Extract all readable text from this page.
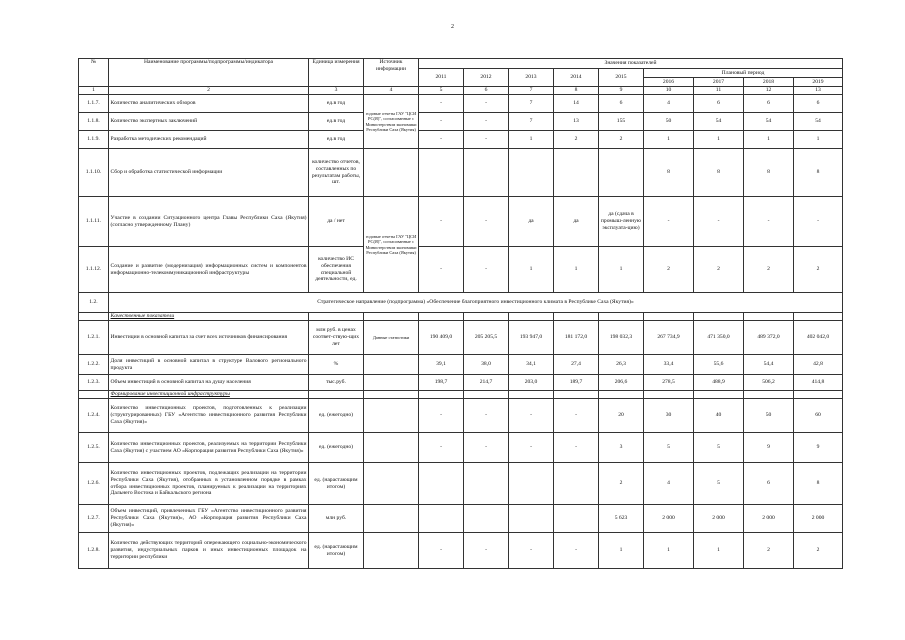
2
№	Наименование программы/подпрограммы/индикатора	Единица измерения	Источник информации	Значения показателей								
				2011	2012	2013	2014	2015	Плановый период			
									2016	2017	2018	2019
1	2	3	4	5	6	7	8	9	10	11	12	13
1.1.7.	Количество аналитических обзоров	ед.в год	годовые отчеты ГАУ "ЦСИ РС(Я)", согласованные с Министерством экономики Республики Саха (Якутия)	-	-	7	14	6	4	6	6	6
1.1.8.	Количество экспертных заключений	ед.в год		-	-	7	13	155	50	54	54	54
1.1.9.	Разработка методических рекомендаций	ед.в год		-	-	1	2	2	1	1	1	1
1.1.10.	Сбор и обработка статистической информации	количество отчетов, составленных по результатам работы, шт.							8	8	8	8
1.1.11.	Участие в создании Ситуационного центра Главы Республики Саха (Якутия) (согласно утвержденному Плану)	да / нет	годовые отчеты ГАУ "ЦСИ РС(Я)", согласованные с Министерством экономики Республики Саха (Якутия)	-	-	да	да	да (сдача в промыш-ленную эксплуата-цию)	-	-	-	-
1.1.12.	Создание и развитие (модернизация) информационных систем и компонентов информационно-телекоммуникационной инфраструктуры	количество ИС обеспечения специальной деятельности, ед.		-	-	1	1	1	2	2	2	2
1.2.	Стратегическое направление (подпрограмма) «Обеспечение благоприятного инвестиционного климата в Республике Саха (Якутия)»											
	Качественные показатели											
1.2.1.	Инвестиции в основной капитал за счет всех источников финансирования	млн руб. в ценах соответ-ствую-щих лет	Данные статистики	190 409,0	205 205,5	193 947,0	181 172,0	198 032,3	267 734,9	471 350,0	489 372,0	402 042,0
1.2.2.	Доля инвестиций в основной капитал в структуре Валового регионального продукта	%		39,1	38,0	34,1	27,4	26,3	33,4	55,6	54,4	42,8
1.2.3.	Объем инвестиций в основной капитал на душу населения	тыс.руб.		198,7	214,7	203,0	189,7	206,6	278,5	488,9	506,2	414,8
	Формирование инвестиционной инфраструктуры											
1.2.4.	Количество инвестиционных проектов, подготовленных к реализации (структурированных) ГБУ «Агентство инвестиционного развития Республики Саха (Якутия)»	ед. (ежегодно)		-	-	-	-	20	30	40	50	60
1.2.5.	Количество инвестиционных проектов, реализуемых на территории Республики Саха (Якутия) с участием АО «Корпорация развития Республики Саха (Якутия)»	ед. (ежегодно)		-	-	-	-	3	5	5	9	9
1.2.6.	Количество инвестиционных проектов, подлежащих реализации на территории Республики Саха (Якутия), отобранных в установленном порядке в рамках отбора инвестиционных проектов, планируемых к реализации на территориях Дальнего Востока и Байкальского региона	ед. (нарастающим итогом)						2	4	5	6	8
1.2.7.	Объем инвестиций, привлеченных ГБУ «Агентство инвестиционного развития Республики Саха (Якутия)», АО «Корпорация развития Республики Саха (Якутия)»	млн руб.						5 623	2 000	2 000	2 000	2 000
1.2.8.	Количество действующих территорий опережающего социально-экономического развития, индустриальных парков и иных инвестиционных площадок на территории республики	ед. (нарастающим итогом)		-	-	-	-	1	1	1	2	2
